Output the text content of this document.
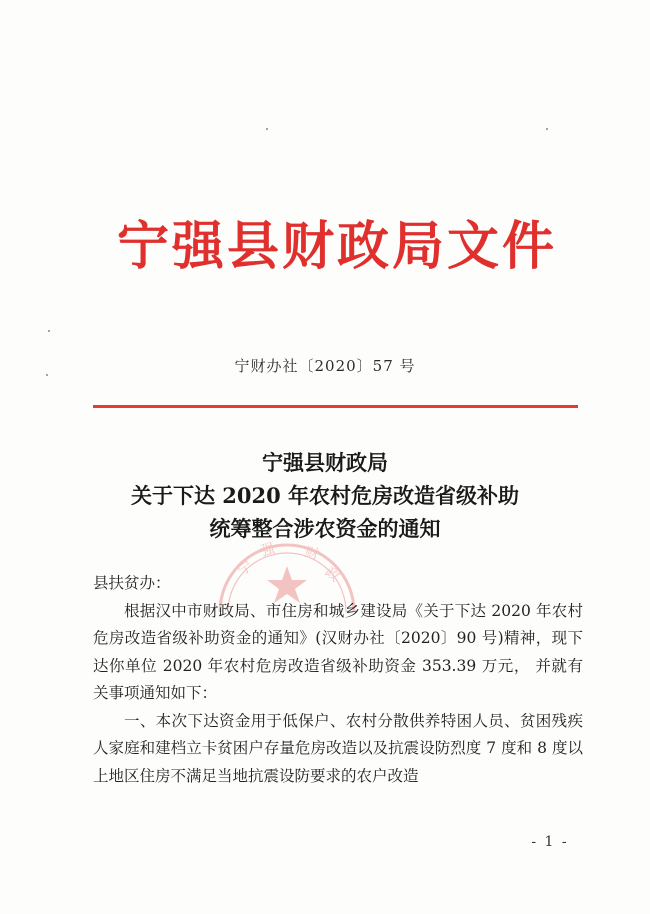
宁强县财政局文件
宁财办社〔2020〕57 号
宁强县财政局
关于下达 2020 年农村危房改造省级补助
统筹整合涉农资金的通知
宁
强 财
政
县扶贫办：

根据汉中市财政局、市住房和城乡建设局《关于下达 2020 年农村危房改造省级补助资金的通知》(汉财办社〔2020〕90 号)精神，现下达你单位 2020 年农村危房改造省级补助资金 353.39 万元， 并就有关事项通知如下：

一、本次下达资金用于低保户、农村分散供养特困人员、贫困残疾人家庭和建档立卡贫困户存量危房改造以及抗震设防烈度 7 度和 8 度以上地区住房不满足当地抗震设防要求的农户改造

- 1 -
